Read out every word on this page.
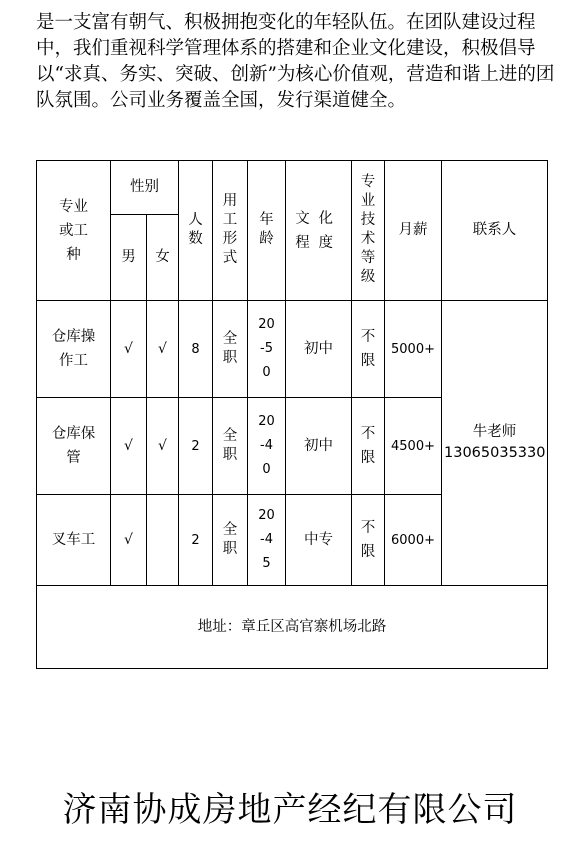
是一支富有朝气、积极拥抱变化的年轻队伍。在团队建设过程中，我们重视科学管理体系的搭建和企业文化建设，积极倡导以“求真、务实、突破、创新”为核心价值观，营造和谐上进的团队氛围。公司业务覆盖全国，发行渠道健全。

专业或工种	性别		人数	用工形式	年龄	文化程度	专业技术等级	月薪	联系人
	男	女							
仓库操作工	√	√	8	全职	20-50	初中	不限	5000+	牛老师
13065035330

仓库保管	√	√	2	全职	20-40	初中	不限	4500+	
叉车工	√		2	全职	20-45	中专	不限	6000+	
地址：章丘区高官寨机场北路									
济南协成房地产经纪有限公司
